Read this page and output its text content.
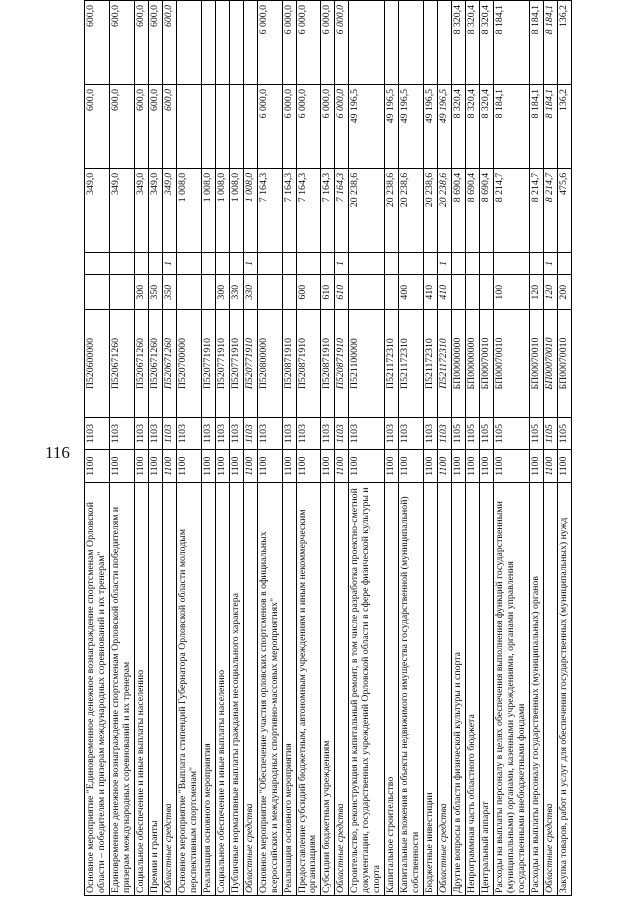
116
Основное мероприятие "Единовременное денежное вознаграждение спортсменам Орловской области – победителям и призерам международных соревнований и их тренерам"	1100	1103	П520600000			349,0	600,0	600,0
Единовременное денежное вознаграждение спортсменам Орловской области победителям и призерам международных соревнований и их тренерам	1100	1103	П520671260			349,0	600,0	600,0
Социальное обеспечение и иные выплаты населению	1100	1103	П520671260	300		349,0	600,0	600,0
Премии и гранты	1100	1103	П520671260	350		349,0	600,0	600,0
Областные средства	1100	1103	П520671260	350	1	349,0	600,0	600,0
Основное мероприятие "Выплата стипендий Губернатора Орловской области молодым перспективным спортсменам"	1100	1103	П520700000			1 008,0		
Реализация основного мероприятия	1100	1103	П520771910			1 008,0		
Социальное обеспечение и иные выплаты населению	1100	1103	П520771910	300		1 008,0		
Публичные нормативные выплаты гражданам несоциального характера	1100	1103	П520771910	330		1 008,0		
Областные средства	1100	1103	П520771910	330	1	1 008,0		
Основное мероприятие "Обеспечение участия орловских спортсменов в официальных всероссийских и международных спортивно-массовых мероприятиях"	1100	1103	П520800000			7 164,3	6 000,0	6 000,0
Реализация основного мероприятия	1100	1103	П520871910			7 164,3	6 000,0	6 000,0
Предоставление субсидий бюджетным, автономным учреждениям и иным некоммерческим организациям	1100	1103	П520871910	600		7 164,3	6 000,0	6 000,0
Субсидии бюджетным учреждениям	1100	1103	П520871910	610		7 164,3	6 000,0	6 000,0
Областные средства	1100	1103	П520871910	610	1	7 164,3	6 000,0	6 000,0
Строительство, реконструкция и капитальный ремонт, в том числе разработка проектно-сметной документации, государственных учреждений Орловской области в сфере физической культуры и спорта	1100	1103	П521100000			20 238,6	49 196,5	
Капитальное строительство	1100	1103	П521172310			20 238,6	49 196,5	
Капитальные вложения в объекты недвижимого имущества государственной (муниципальной) собственности	1100	1103	П521172310	400		20 238,6	49 196,5	
Бюджетные инвестиции	1100	1103	П521172310	410		20 238,6	49 196,5	
Областные средства	1100	1103	П521172310	410	1	20 238,6	49 196,5	
Другие вопросы в области физической культуры и спорта	1100	1105	БП00000000			8 690,4	8 320,4	8 320,4
Непрограммная часть областного бюджета	1100	1105	БП00000000			8 690,4	8 320,4	8 320,4
Центральный аппарат	1100	1105	БП00070010			8 690,4	8 320,4	8 320,4
Расходы на выплаты персоналу в целях обеспечения выполнения функций государственными (муниципальными) органами, казенными учреждениями, органами управления государственными внебюджетными фондами	1100	1105	БП00070010	100		8 214,7	8 184,1	8 184,1
Расходы на выплаты персоналу государственных (муниципальных) органов	1100	1105	БП00070010	120		8 214,7	8 184,1	8 184,1
Областные средства	1100	1105	БП00070010	120	1	8 214,7	8 184,1	8 184,1
Закупка товаров, работ и услуг для обеспечения государственных (муниципальных) нужд	1100	1105	БП00070010	200		475,6	136,2	136,2
